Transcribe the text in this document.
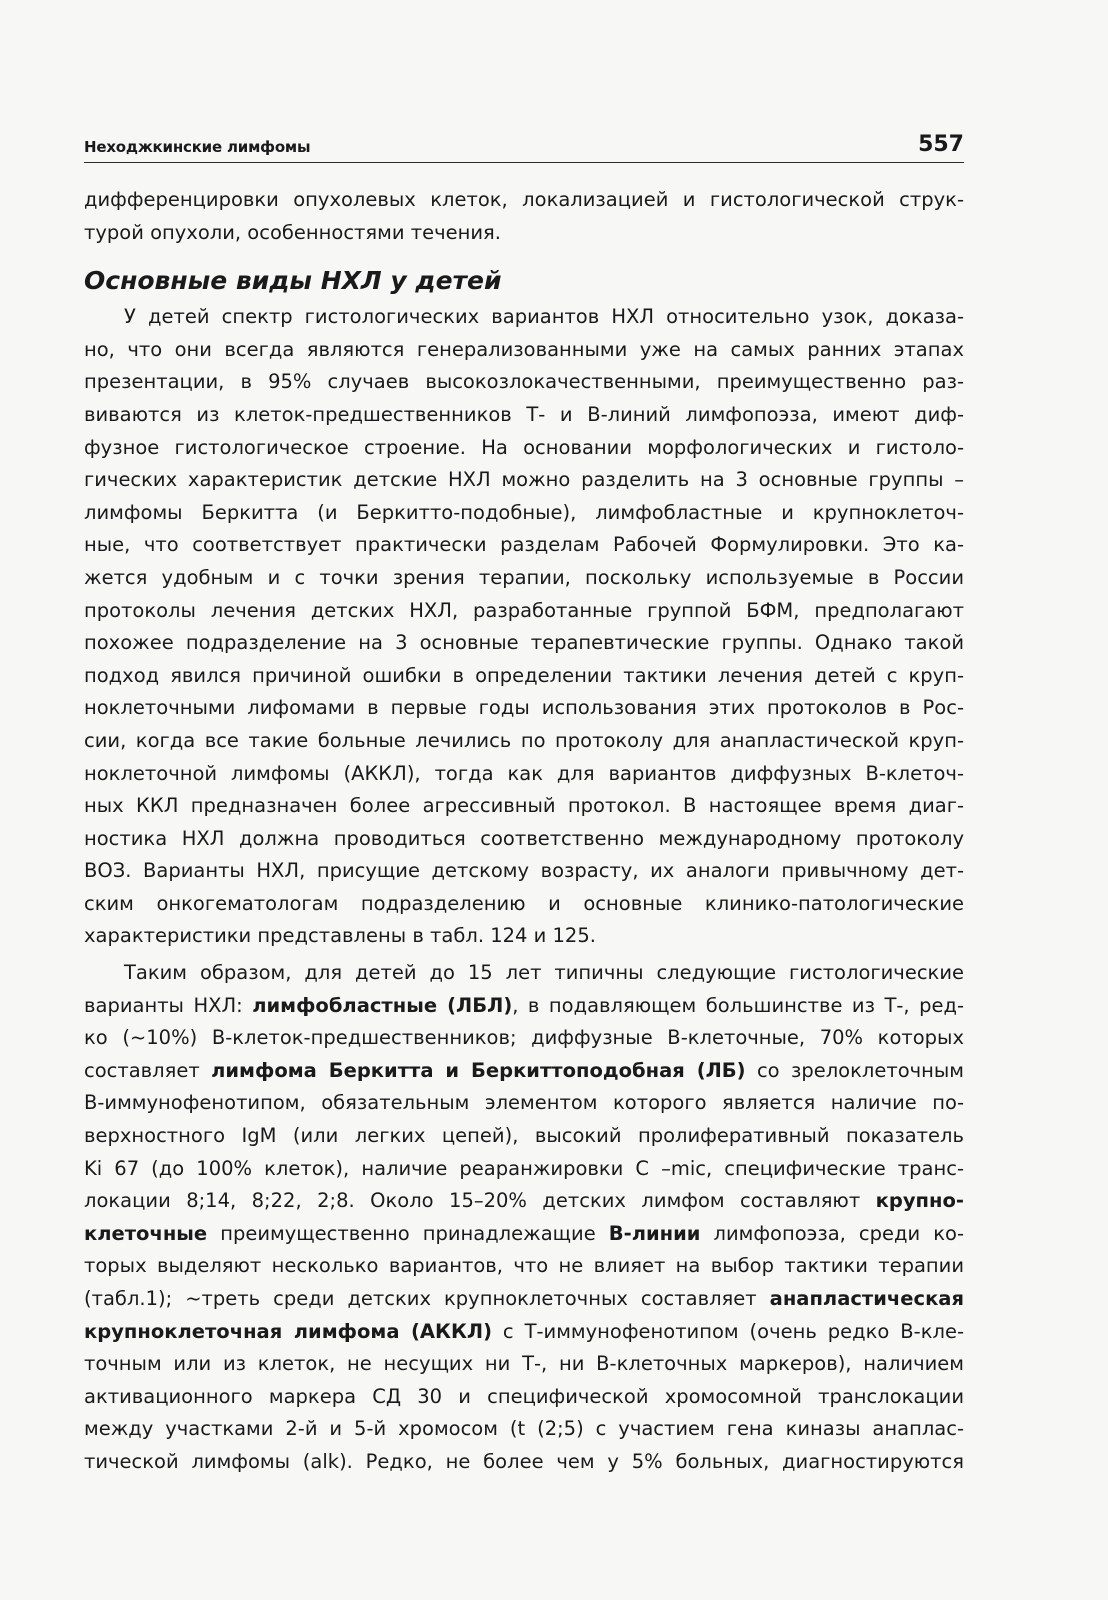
Неходжкинские лимфомы	557

дифференцировки опухолевых клеток, локализацией и гистологической струк-
турой опухоли, особенностями течения.

Основные виды НХЛ у детей

У детей спектр гистологических вариантов НХЛ относительно узок, доказа-
но, что они всегда являются генерализованными уже на самых ранних этапах
презентации, в 95% случаев высокозлокачественными, преимущественно раз-
виваются из клеток-предшественников Т- и В-линий лимфопоэза, имеют диф-
фузное гистологическое строение. На основании морфологических и гистоло-
гических характеристик детские НХЛ можно разделить на 3 основные группы –
лимфомы Беркитта (и Беркитто-подобные), лимфобластные и крупноклеточ-
ные, что соответствует практически разделам Рабочей Формулировки. Это ка-
жется удобным и с точки зрения терапии, поскольку используемые в России
протоколы лечения детских НХЛ, разработанные группой БФМ, предполагают
похожее подразделение на 3 основные терапевтические группы. Однако такой
подход явился причиной ошибки в определении тактики лечения детей с круп-
ноклеточными лифомами в первые годы использования этих протоколов в Рос-
сии, когда все такие больные лечились по протоколу для анапластической круп-
ноклеточной лимфомы (АККЛ), тогда как для вариантов диффузных В-клеточ-
ных ККЛ предназначен более агрессивный протокол. В настоящее время диаг-
ностика НХЛ должна проводиться соответственно международному протоколу
ВОЗ. Варианты НХЛ, присущие детскому возрасту, их аналоги привычному дет-
ским онкогематологам подразделению и основные клинико-патологические
характеристики представлены в табл. 124 и 125.

Таким образом, для детей до 15 лет типичны следующие гистологические
варианты НХЛ: лимфобластные (ЛБЛ), в подавляющем большинстве из Т-, ред-
ко (~10%) В-клеток-предшественников; диффузные В-клеточные, 70% которых
составляет лимфома Беркитта и Беркиттоподобная (ЛБ) со зрелоклеточным
В-иммунофенотипом, обязательным элементом которого является наличие по-
верхностного IgM (или легких цепей), высокий пролиферативный показатель
Ki 67 (до 100% клеток), наличие реаранжировки C –mic, специфические транс-
локации 8;14, 8;22, 2;8. Около 15–20% детских лимфом составляют крупно-
клеточные преимущественно принадлежащие В-линии лимфопоэза, среди ко-
торых выделяют несколько вариантов, что не влияет на выбор тактики терапии
(табл.1); ~треть среди детских крупноклеточных составляет анапластическая
крупноклеточная лимфома (АККЛ) с Т-иммунофенотипом (очень редко В-кле-
точным или из клеток, не несущих ни Т-, ни В-клеточных маркеров), наличием
активационного маркера СД 30 и специфической хромосомной транслокации
между участками 2-й и 5-й хромосом (t (2;5) с участием гена киназы анаплас-
тической лимфомы (alk). Редко, не более чем у 5% больных, диагностируются
